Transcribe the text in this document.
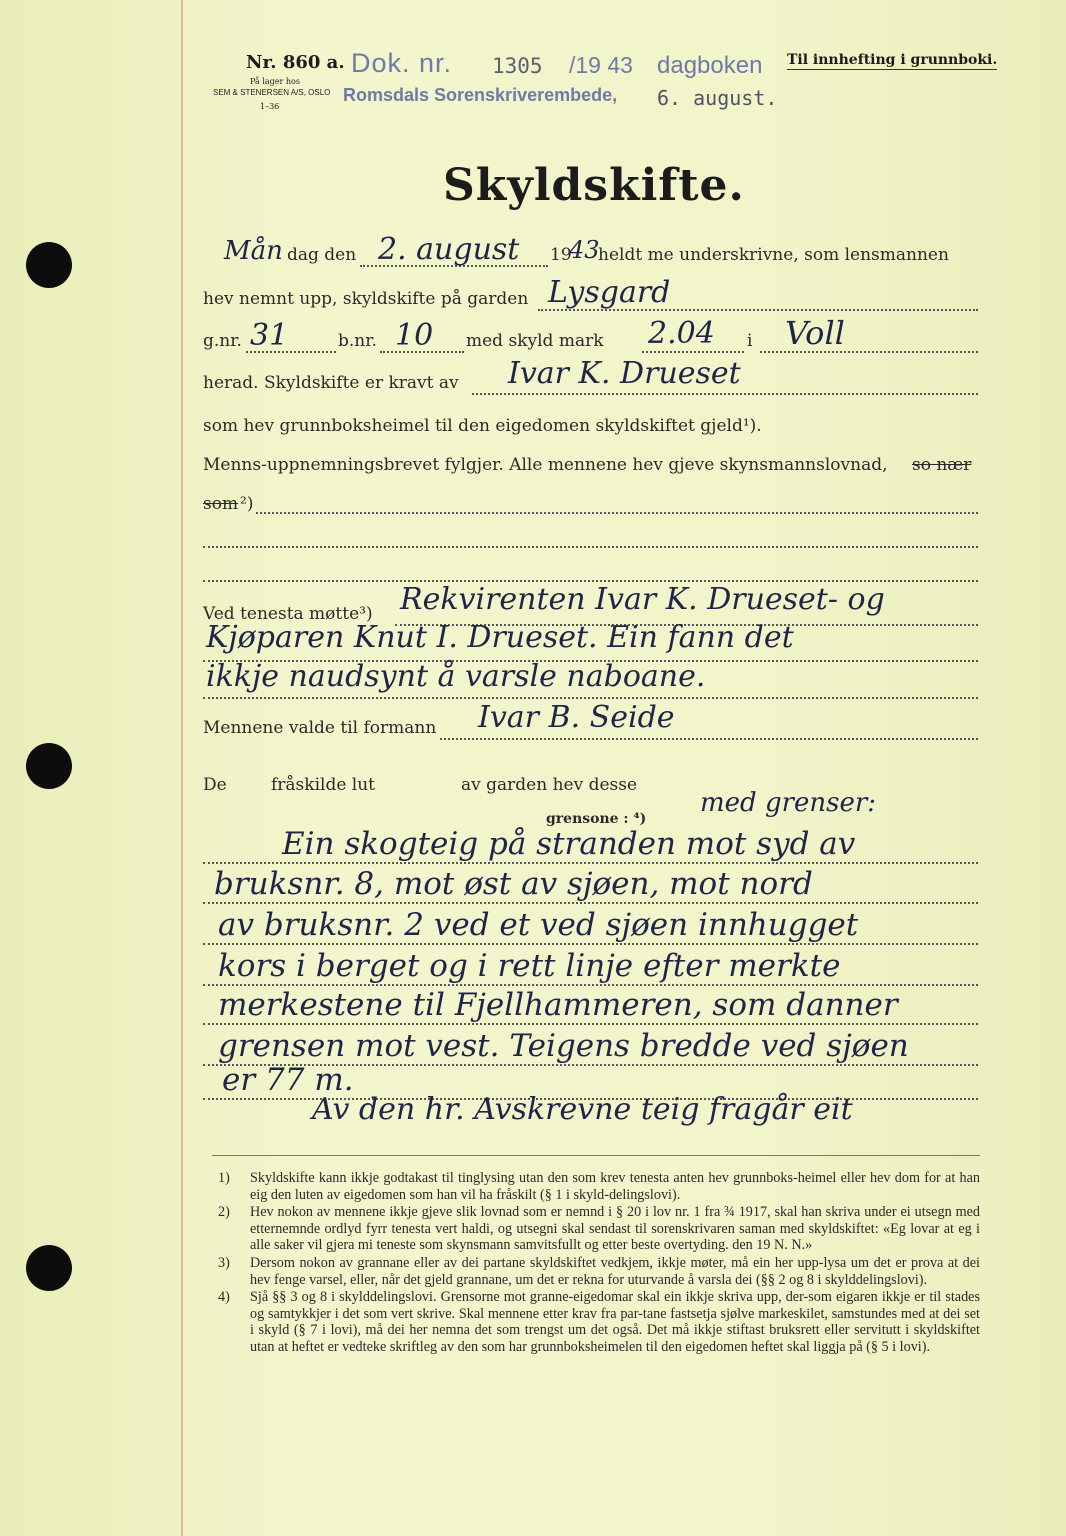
Nr. 860 a.
På lager hos
SEM & STENERSEN A/S, OSLO
1–36
Dok. nr. 1305 /19 43 dagboken
Romsdals Sorenskriverembede, 6. august.
Til innhefting i grunnboki.
Skyldskifte.
Mån dag den 2. august 19
43
heldt me underskrivne, som lensmannen
hev nemnt upp, skyldskifte på garden Lysgard
g.nr. 31	b.nr. 10 med skyld mark 2.04 i Voll
herad. Skyldskifte er kravt av Ivar K. Drueset
som hev grunnboksheimel til den eigedomen skyldskiftet gjeld¹).
Menns-uppnemningsbrevet fylgjer. Alle mennene hev gjeve skynsmannslovnad, so nær
som ²)
Ved tenesta møtte³) Rekvirenten Ivar K. Drueset- og
Kjøparen Knut I. Drueset. Ein fann det
ikkje naudsynt å varsle naboane.
Mennene valde til formann Ivar B. Seide
De	fråskilde lut	av garden hev desse
grensone : ⁴)
med grenser:
Ein skogteig på stranden mot syd av
bruksnr. 8, mot øst av sjøen, mot nord
av bruksnr. 2 ved et ved sjøen innhugget
kors i berget og i rett linje efter merkte
merkestene til Fjellhammeren, som danner
grensen mot vest. Teigens bredde ved sjøen
er 77 m.
Av den hr. Avskrevne teig fragår eit
1)	Skyldskifte kann ikkje godtakast til tinglysing utan den som krev tenesta anten hev grunnboks-heimel eller hev dom for at han eig den luten av eigedomen som han vil ha fråskilt (§ 1 i skyld-delingslovi).
2)	Hev nokon av mennene ikkje gjeve slik lovnad som er nemnd i § 20 i lov nr. 1 fra ¾ 1917, skal han skriva under ei utsegn med etternemnde ordlyd fyrr tenesta vert haldi, og utsegni skal sendast til sorenskrivaren saman med skyldskiftet: «Eg lovar at eg i alle saker vil gjera mi teneste som skynsmann samvitsfullt og etter beste overtyding. den 19 N. N.»
3)	Dersom nokon av grannane eller av dei partane skyldskiftet vedkjem, ikkje møter, må ein her upp-lysa um det er prova at dei hev fenge varsel, eller, når det gjeld grannane, um det er rekna for uturvande å varsla dei (§§ 2 og 8 i skylddelingslovi).
4)	Sjå §§ 3 og 8 i skylddelingslovi. Grensorne mot granne-eigedomar skal ein ikkje skriva upp, der-som eigaren ikkje er til stades og samtykkjer i det som vert skrive. Skal mennene etter krav fra par-tane fastsetja sjølve markeskilet, samstundes med at dei set i skyld (§ 7 i lovi), må dei her nemna det som trengst um det også. Det må ikkje stiftast bruksrett eller servitutt i skyldskiftet utan at heftet er vedteke skriftleg av den som har grunnboksheimelen til den eigedomen heftet skal liggja på (§ 5 i lovi).
